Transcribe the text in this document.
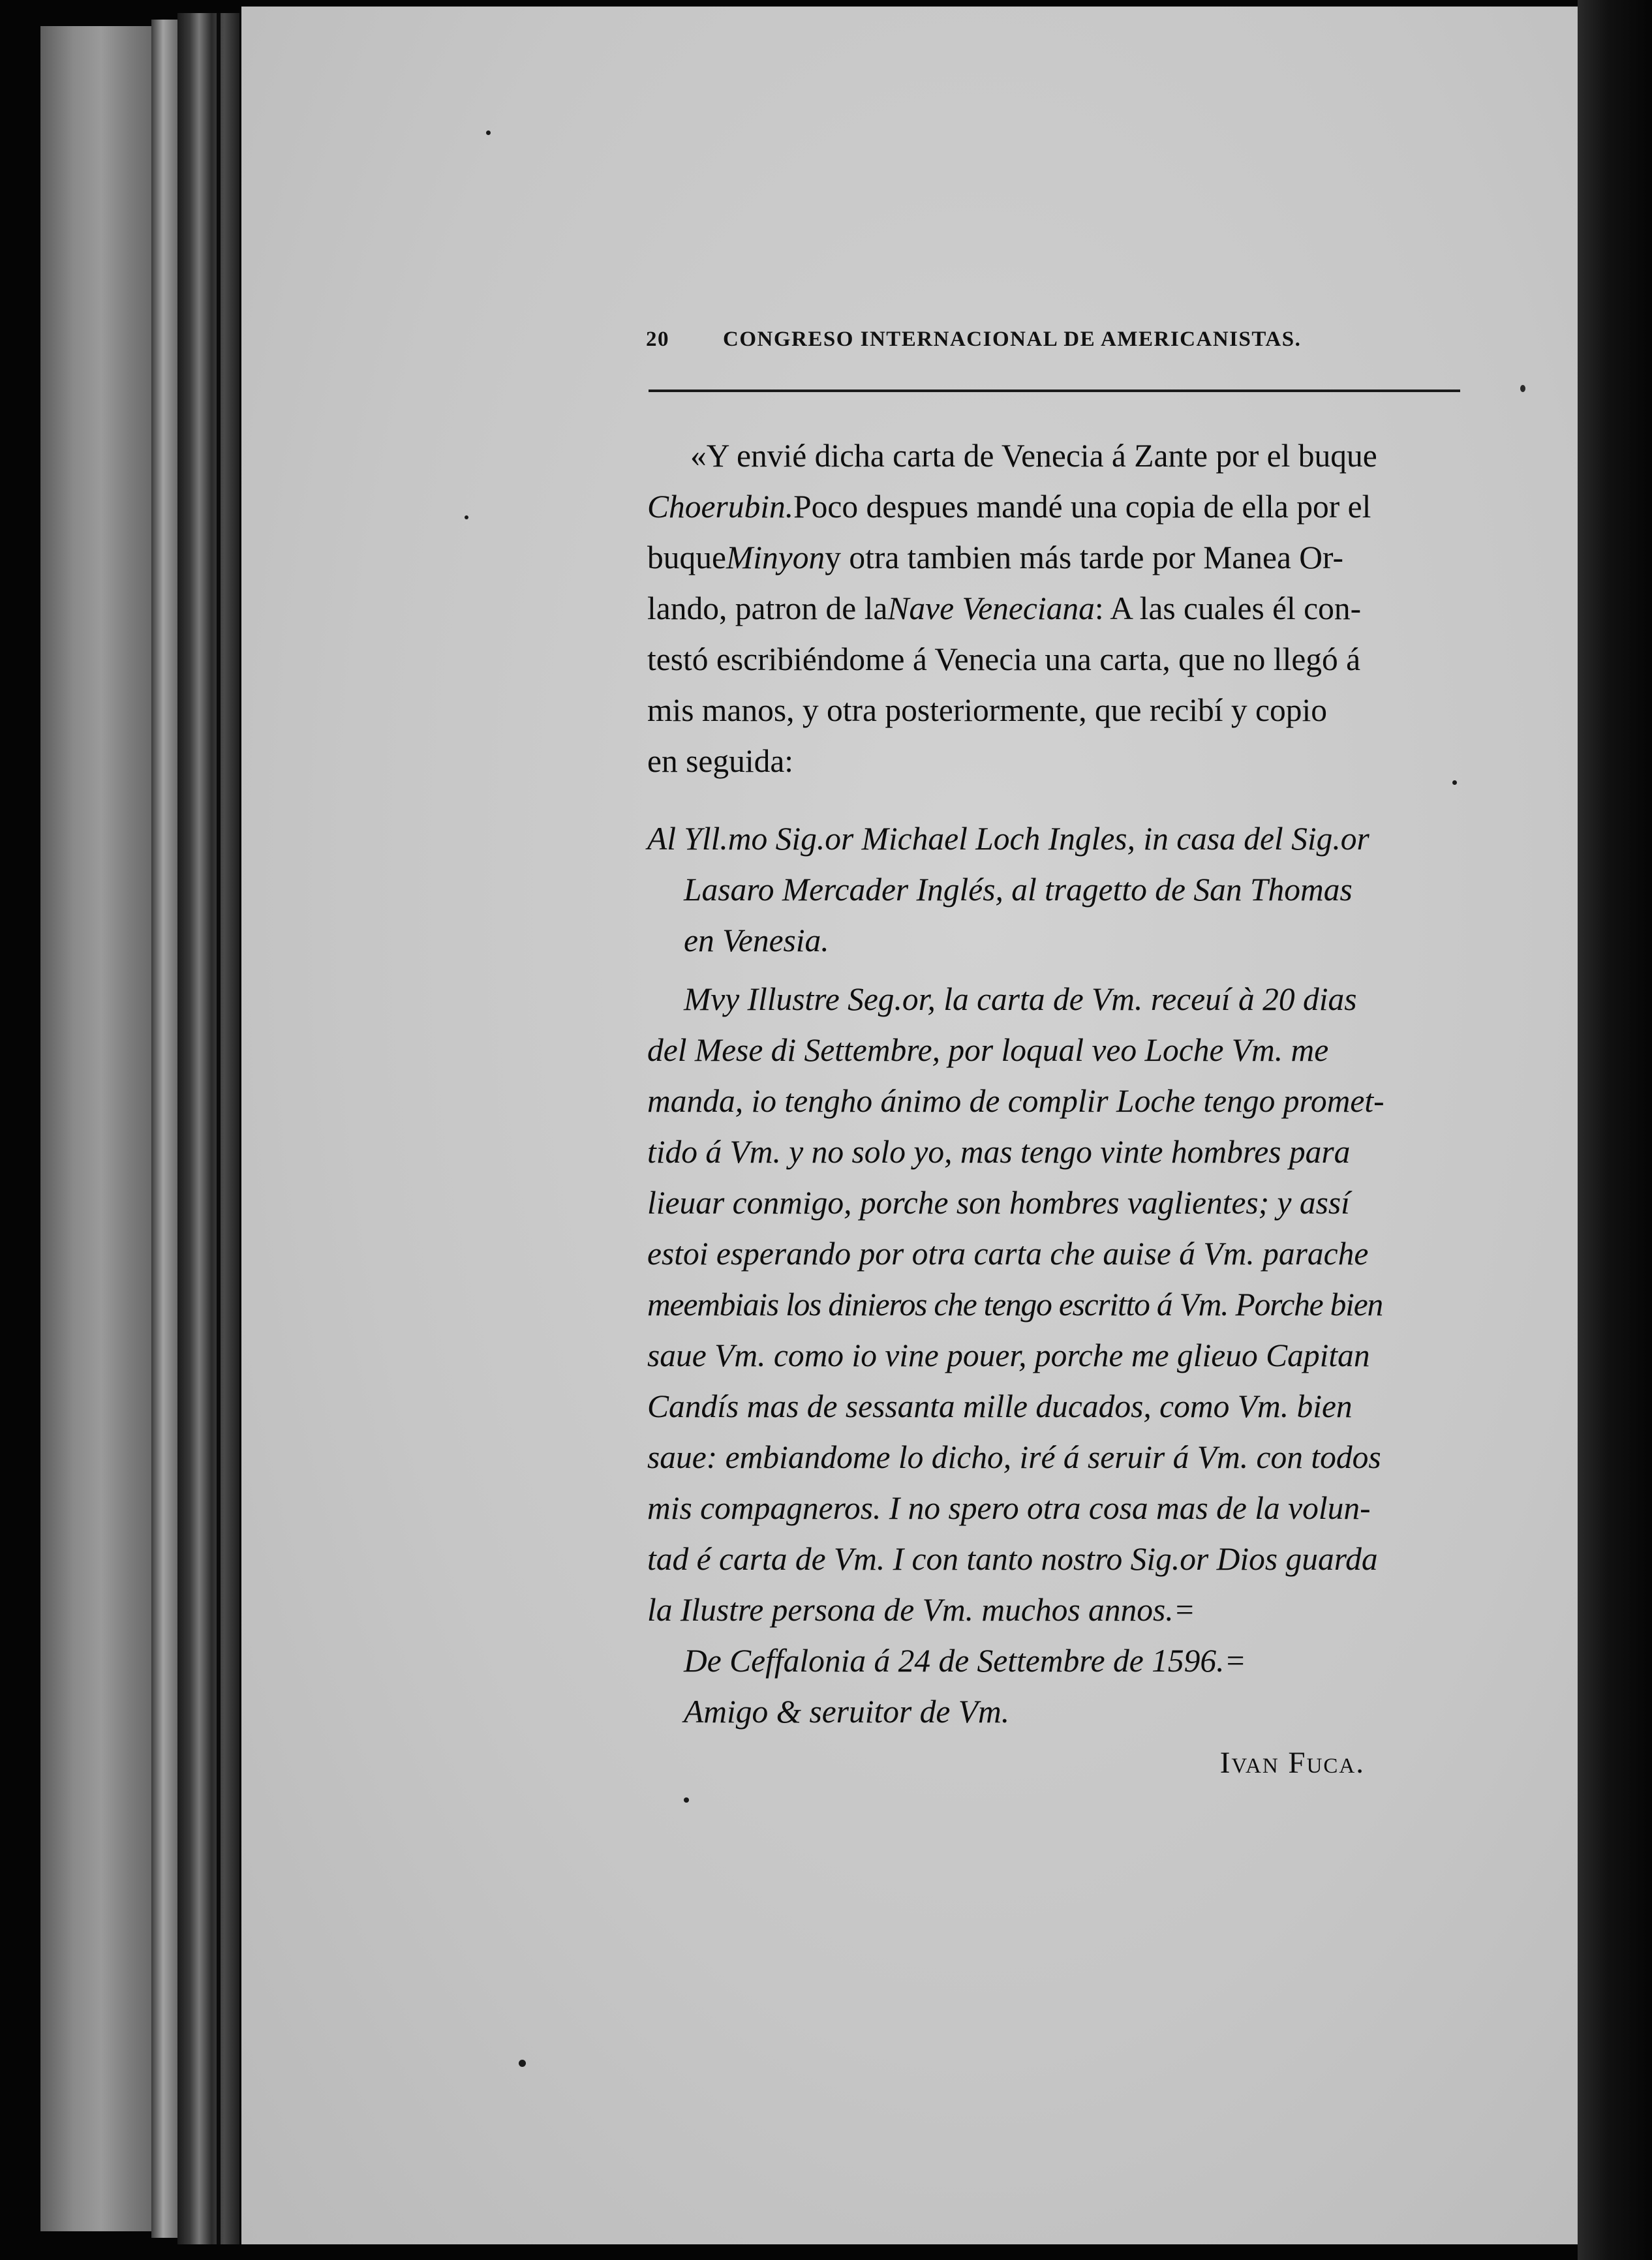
20 CONGRESO INTERNACIONAL DE AMERICANISTAS.
«Y envié dicha carta de Venecia á Zante por el buque
Choerubin.Poco despues mandé una copia de ella por el
buqueMinyony otra tambien más tarde por Manea Or-
lando, patron de laNave Veneciana: A las cuales él con-
testó escribiéndome á Venecia una carta, que no llegó á
mis manos, y otra posteriormente, que recibí y copio
en seguida:
Al Yll.mo Sig.or Michael Loch Ingles, in casa del Sig.or
Lasaro Mercader Inglés, al tragetto de San Thomas
en Venesia.
Mvy Illustre Seg.or, la carta de Vm. receuí à 20 dias
del Mese di Settembre, por loqual veo Loche Vm. me
manda, io tengho ánimo de complir Loche tengo promet-
tido á Vm. y no solo yo, mas tengo vinte hombres para
lieuar conmigo, porche son hombres vaglientes; y assí
estoi esperando por otra carta che auise á Vm. parache
meembiais los dinieros che tengo escritto á Vm. Porche bien
saue Vm. como io vine pouer, porche me glieuo Capitan
Candís mas de sessanta mille ducados, como Vm. bien
saue: embiandome lo dicho, iré á seruir á Vm. con todos
mis compagneros. I no spero otra cosa mas de la volun-
tad é carta de Vm. I con tanto nostro Sig.or Dios guarda
la Ilustre persona de Vm. muchos annos.=
De Ceffalonia á 24 de Settembre de 1596.=
Amigo & seruitor de Vm.
Ivan Fuca.
